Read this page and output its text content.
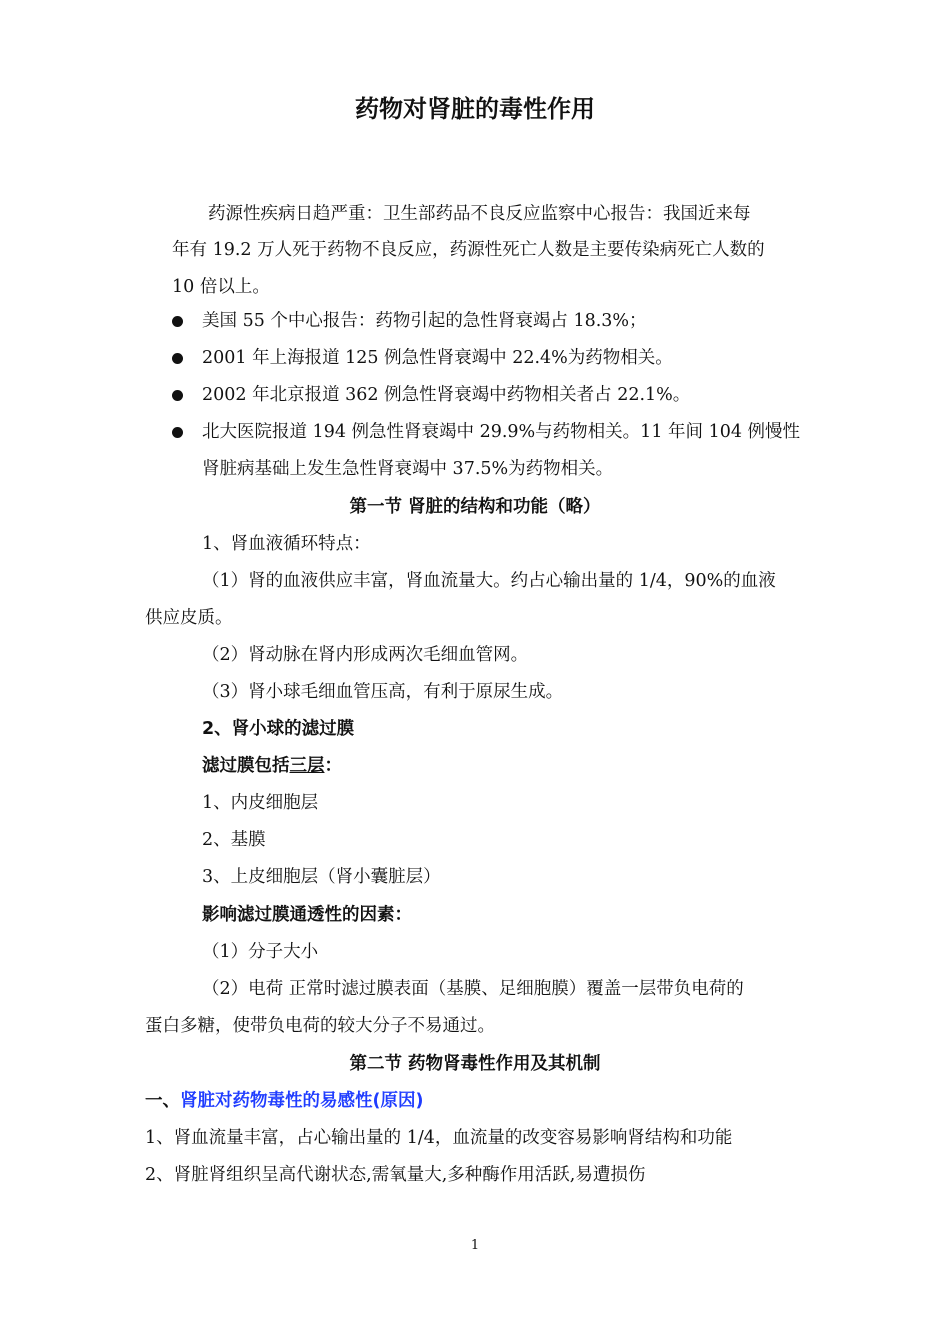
药物对肾脏的毒性作用
药源性疾病日趋严重：卫生部药品不良反应监察中心报告：我国近来每
年有 19.2 万人死于药物不良反应，药源性死亡人数是主要传染病死亡人数的
10 倍以上。
美国 55 个中心报告：药物引起的急性肾衰竭占 18.3%；
2001 年上海报道 125 例急性肾衰竭中 22.4%为药物相关。
2002 年北京报道 362 例急性肾衰竭中药物相关者占 22.1%。
北大医院报道 194 例急性肾衰竭中 29.9%与药物相关。11 年间 104 例慢性
肾脏病基础上发生急性肾衰竭中 37.5%为药物相关。
第一节 肾脏的结构和功能（略）
1、肾血液循环特点：
（1）肾的血液供应丰富，肾血流量大。约占心输出量的 1/4，90%的血液
供应皮质。
（2）肾动脉在肾内形成两次毛细血管网。
（3）肾小球毛细血管压高，有利于原尿生成。
2、肾小球的滤过膜
滤过膜包括三层：
1、内皮细胞层
2、基膜
3、上皮细胞层（肾小囊脏层）
影响滤过膜通透性的因素：
（1）分子大小
（2）电荷 正常时滤过膜表面（基膜、足细胞膜）覆盖一层带负电荷的
蛋白多糖，使带负电荷的较大分子不易通过。
第二节 药物肾毒性作用及其机制
一、肾脏对药物毒性的易感性(原因)
1、肾血流量丰富，占心输出量的 1/4，血流量的改变容易影响肾结构和功能
2、肾脏肾组织呈高代谢状态,需氧量大,多种酶作用活跃,易遭损伤
1
